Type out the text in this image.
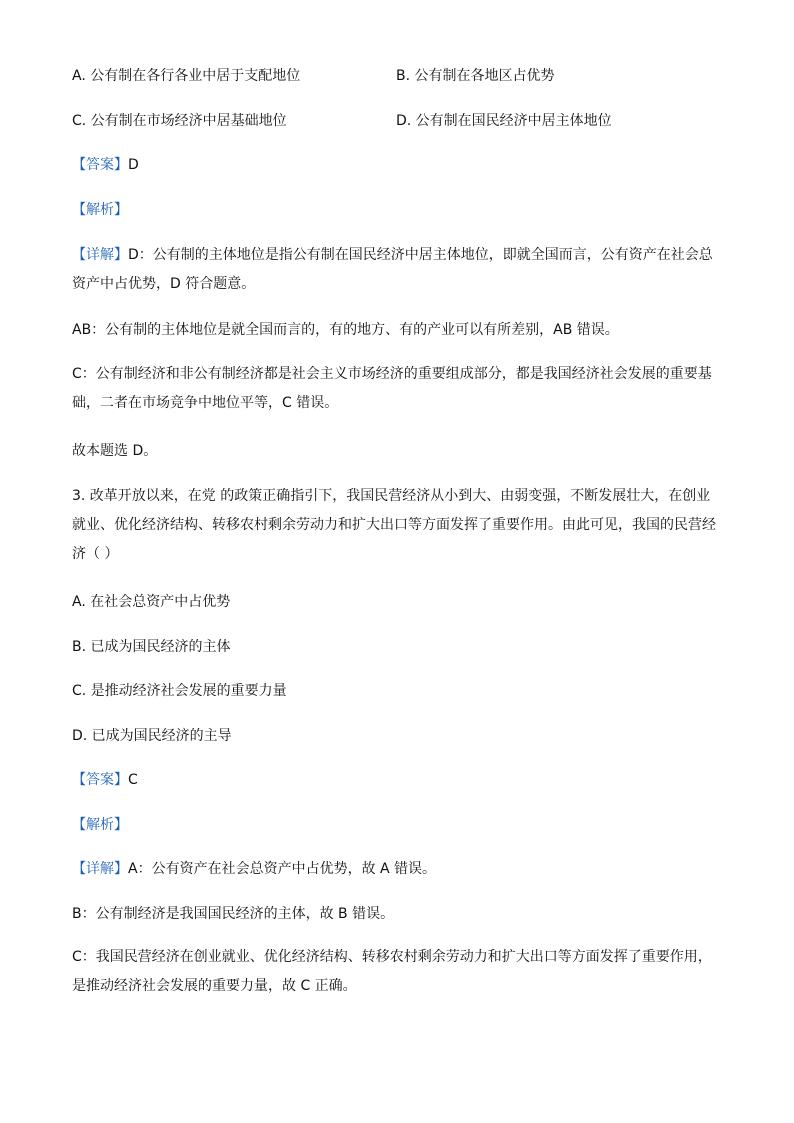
A. 公有制在各行各业中居于支配地位	B. 公有制在各地区占优势
C. 公有制在市场经济中居基础地位	D. 公有制在国民经济中居主体地位
【答案】D
【解析】
【详解】D：公有制的主体地位是指公有制在国民经济中居主体地位，即就全国而言，公有资产在社会总资产中占优势，D 符合题意。
AB：公有制的主体地位是就全国而言的，有的地方、有的产业可以有所差别，AB 错误。
C：公有制经济和非公有制经济都是社会主义市场经济的重要组成部分，都是我国经济社会发展的重要基础，二者在市场竞争中地位平等，C 错误。
故本题选 D。
3. 改革开放以来，在党 的政策正确指引下，我国民营经济从小到大、由弱变强，不断发展壮大，在创业就业、优化经济结构、转移农村剩余劳动力和扩大出口等方面发挥了重要作用。由此可见，我国的民营经济（ ）
A. 在社会总资产中占优势
B. 已成为国民经济的主体
C. 是推动经济社会发展的重要力量
D. 已成为国民经济的主导
【答案】C
【解析】
【详解】A：公有资产在社会总资产中占优势，故 A 错误。
B：公有制经济是我国国民经济的主体，故 B 错误。
C：我国民营经济在创业就业、优化经济结构、转移农村剩余劳动力和扩大出口等方面发挥了重要作用，是推动经济社会发展的重要力量，故 C 正确。
